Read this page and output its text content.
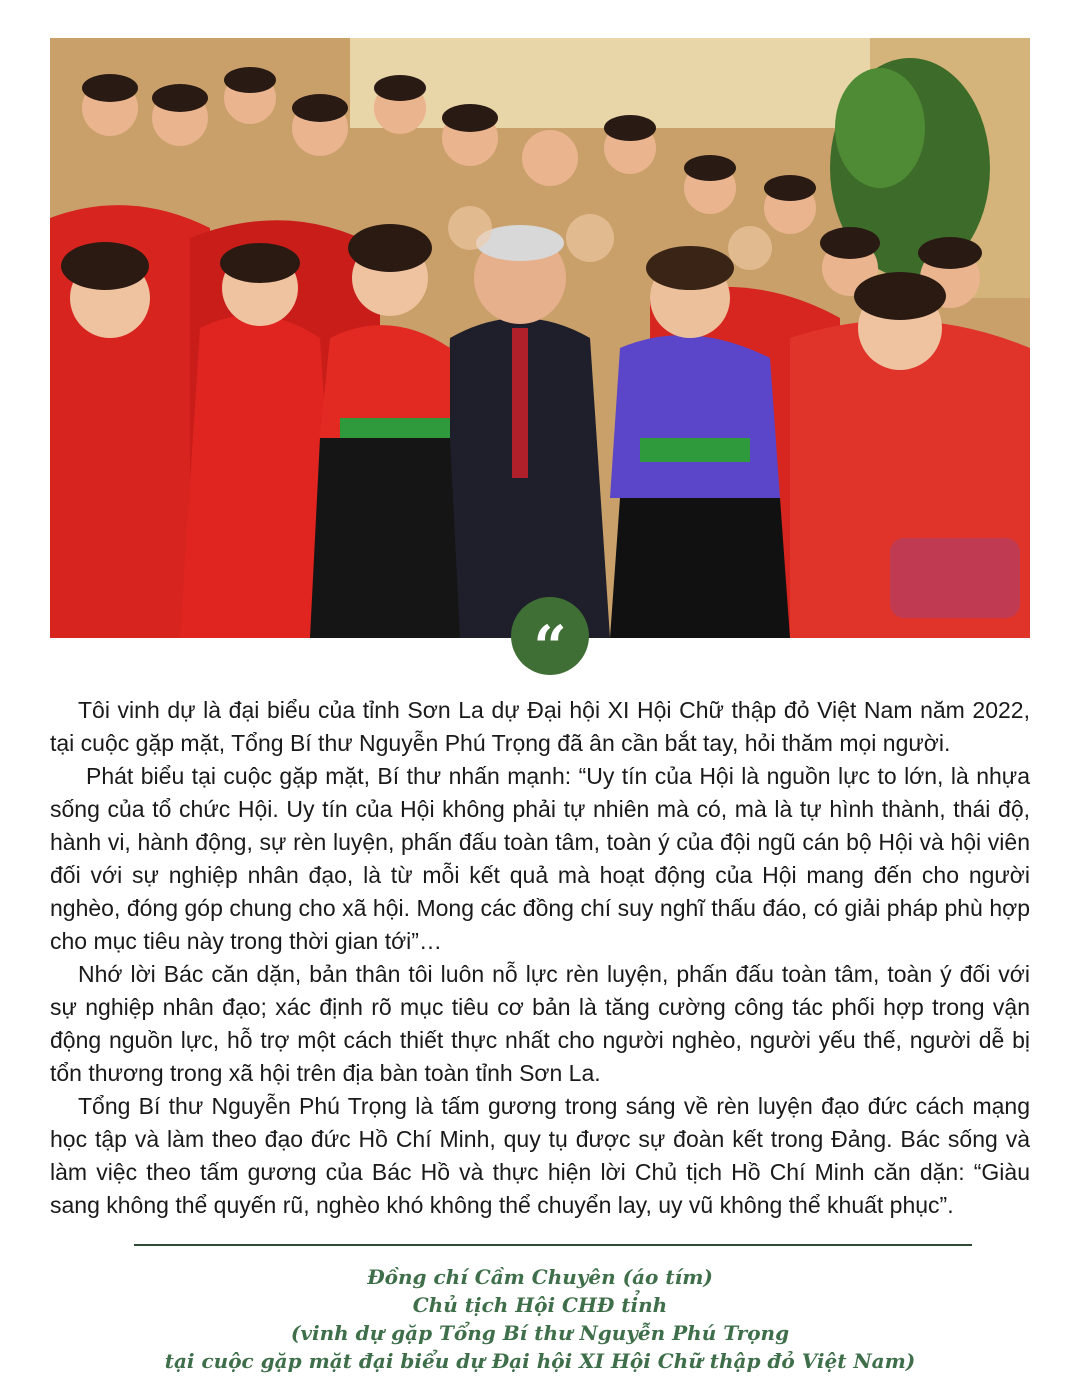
“

Tôi vinh dự là đại biểu của tỉnh Sơn La dự Đại hội XI Hội Chữ thập đỏ Việt Nam năm 2022, tại cuộc gặp mặt, Tổng Bí thư Nguyễn Phú Trọng đã ân cần bắt tay, hỏi thăm mọi người.

Phát biểu tại cuộc gặp mặt, Bí thư nhấn mạnh: “Uy tín của Hội là nguồn lực to lớn, là nhựa sống của tổ chức Hội. Uy tín của Hội không phải tự nhiên mà có, mà là tự hình thành, thái độ, hành vi, hành động, sự rèn luyện, phấn đấu toàn tâm, toàn ý của đội ngũ cán bộ Hội và hội viên đối với sự nghiệp nhân đạo, là từ mỗi kết quả mà hoạt động của Hội mang đến cho người nghèo, đóng góp chung cho xã hội. Mong các đồng chí suy nghĩ thấu đáo, có giải pháp phù hợp cho mục tiêu này trong thời gian tới”…

Nhớ lời Bác căn dặn, bản thân tôi luôn nỗ lực rèn luyện, phấn đấu toàn tâm, toàn ý đối với sự nghiệp nhân đạo; xác định rõ mục tiêu cơ bản là tăng cường công tác phối hợp trong vận động nguồn lực, hỗ trợ một cách thiết thực nhất cho người nghèo, người yếu thế, người dễ bị tổn thương trong xã hội trên địa bàn toàn tỉnh Sơn La.

Tổng Bí thư Nguyễn Phú Trọng là tấm gương trong sáng về rèn luyện đạo đức cách mạng học tập và làm theo đạo đức Hồ Chí Minh, quy tụ được sự đoàn kết trong Đảng. Bác sống và làm việc theo tấm gương của Bác Hồ và thực hiện lời Chủ tịch Hồ Chí Minh căn dặn: “Giàu sang không thể quyến rũ, nghèo khó không thể chuyển lay, uy vũ không thể khuất phục”.

Đồng chí Cầm Chuyên (áo tím)
Chủ tịch Hội CHĐ tỉnh
(vinh dự gặp Tổng Bí thư Nguyễn Phú Trọng
tại cuộc gặp mặt đại biểu dự Đại hội XI Hội Chữ thập đỏ Việt Nam)
